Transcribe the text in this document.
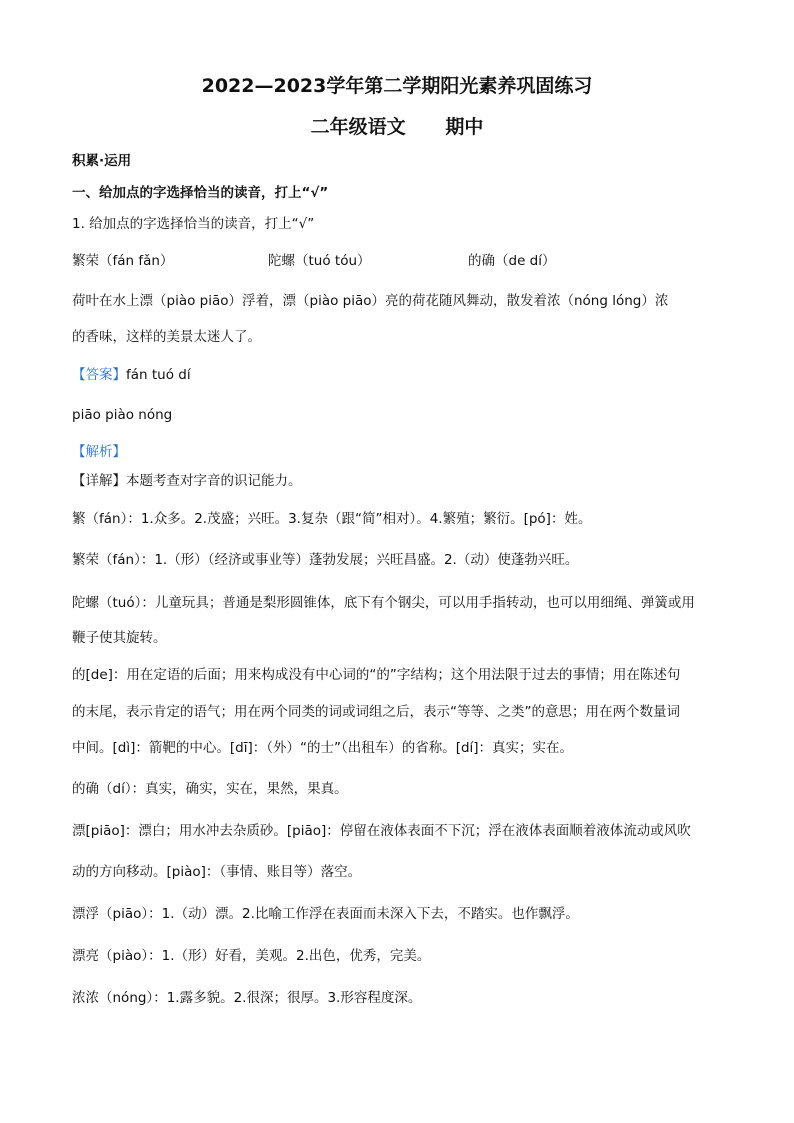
2022—2023学年第二学期阳光素养巩固练习
二年级语文      期中
积累·运用
一、给加点的字选择恰当的读音，打上“√”
1. 给加点的字选择恰当的读音，打上“√”
繁荣（fán fǎn）	陀螺（tuó tóu）	的确（de dí）
荷叶在水上漂（piào piāo）浮着，漂（piào piāo）亮的荷花随风舞动，散发着浓（nóng lóng）浓
的香味，这样的美景太迷人了。
【答案】fán tuó dí
piāo piào nóng
【解析】
【详解】本题考查对字音的识记能力。
繁（fán）：1.众多。2.茂盛；兴旺。3.复杂（跟“简”相对）。4.繁殖；繁衍。[pó]：姓。
繁荣（fán）：1.（形）（经济或事业等）蓬勃发展；兴旺昌盛。2.（动）使蓬勃兴旺。
陀螺（tuó）：儿童玩具；普通是梨形圆锥体，底下有个钢尖，可以用手指转动，也可以用细绳、弹簧或用
鞭子使其旋转。
的[de]：用在定语的后面；用来构成没有中心词的“的”字结构；这个用法限于过去的事情；用在陈述句
的末尾，表示肯定的语气；用在两个同类的词或词组之后，表示“等等、之类”的意思；用在两个数量词
中间。[dì]：箭靶的中心。[dī]：（外）“的士”（出租车）的省称。[dí]：真实；实在。
的确（dí）：真实，确实，实在，果然，果真。
漂[piāo]：漂白；用水冲去杂质砂。[piāo]：停留在液体表面不下沉；浮在液体表面顺着液体流动或风吹
动的方向移动。[piào]：（事情、账目等）落空。
漂浮（piāo）：1.（动）漂。2.比喻工作浮在表面而未深入下去，不踏实。也作飘浮。
漂亮（piào）：1.（形）好看，美观。2.出色，优秀，完美。
浓浓（nóng）：1.露多貌。2.很深；很厚。3.形容程度深。
